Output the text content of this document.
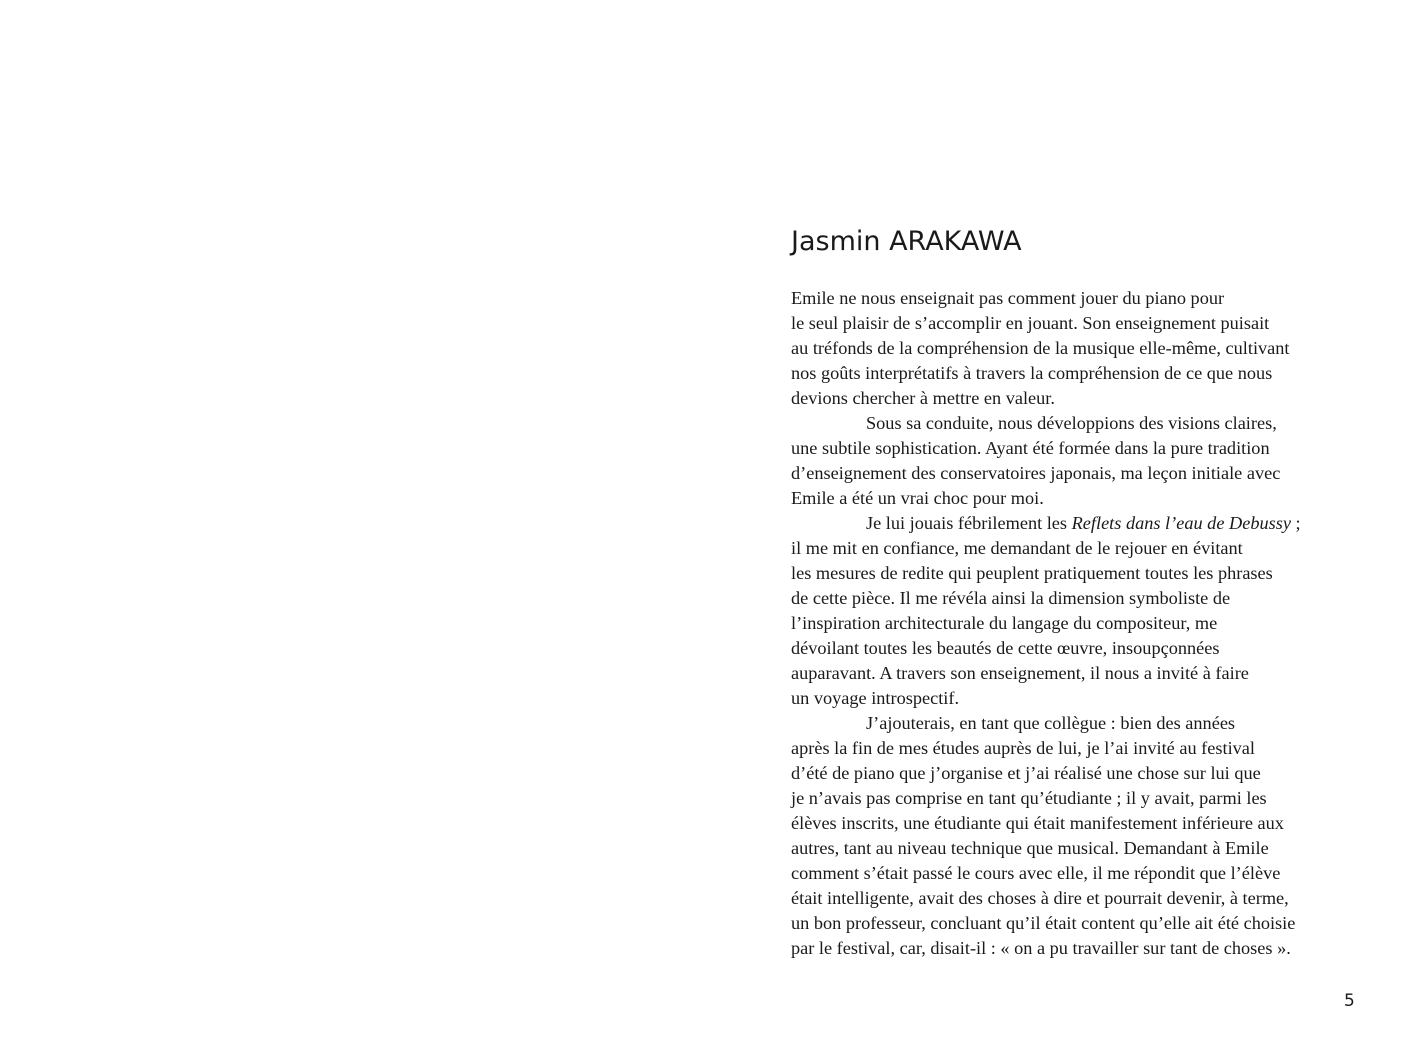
Jasmin ARAKAWA
Emile ne nous enseignait pas comment jouer du piano pour
le seul plaisir de s’accomplir en jouant. Son enseignement puisait
au tréfonds de la compréhension de la musique elle-même, cultivant
nos goûts interprétatifs à travers la compréhension de ce que nous
devions chercher à mettre en valeur.
Sous sa conduite, nous développions des visions claires,
une subtile sophistication. Ayant été formée dans la pure tradition
d’enseignement des conservatoires japonais, ma leçon initiale avec
Emile a été un vrai choc pour moi.
Je lui jouais fébrilement les Reflets dans l’eau de Debussy ;
il me mit en confiance, me demandant de le rejouer en évitant
les mesures de redite qui peuplent pratiquement toutes les phrases
de cette pièce. Il me révéla ainsi la dimension symboliste de
l’inspiration architecturale du langage du compositeur, me
dévoilant toutes les beautés de cette œuvre, insoupçonnées
auparavant. A travers son enseignement, il nous a invité à faire
un voyage introspectif.
J’ajouterais, en tant que collègue : bien des années
après la fin de mes études auprès de lui, je l’ai invité au festival
d’été de piano que j’organise et j’ai réalisé une chose sur lui que
je n’avais pas comprise en tant qu’étudiante ; il y avait, parmi les
élèves inscrits, une étudiante qui était manifestement inférieure aux
autres, tant au niveau technique que musical. Demandant à Emile
comment s’était passé le cours avec elle, il me répondit que l’élève
était intelligente, avait des choses à dire et pourrait devenir, à terme,
un bon professeur, concluant qu’il était content qu’elle ait été choisie
par le festival, car, disait-il : « on a pu travailler sur tant de choses ».
5
